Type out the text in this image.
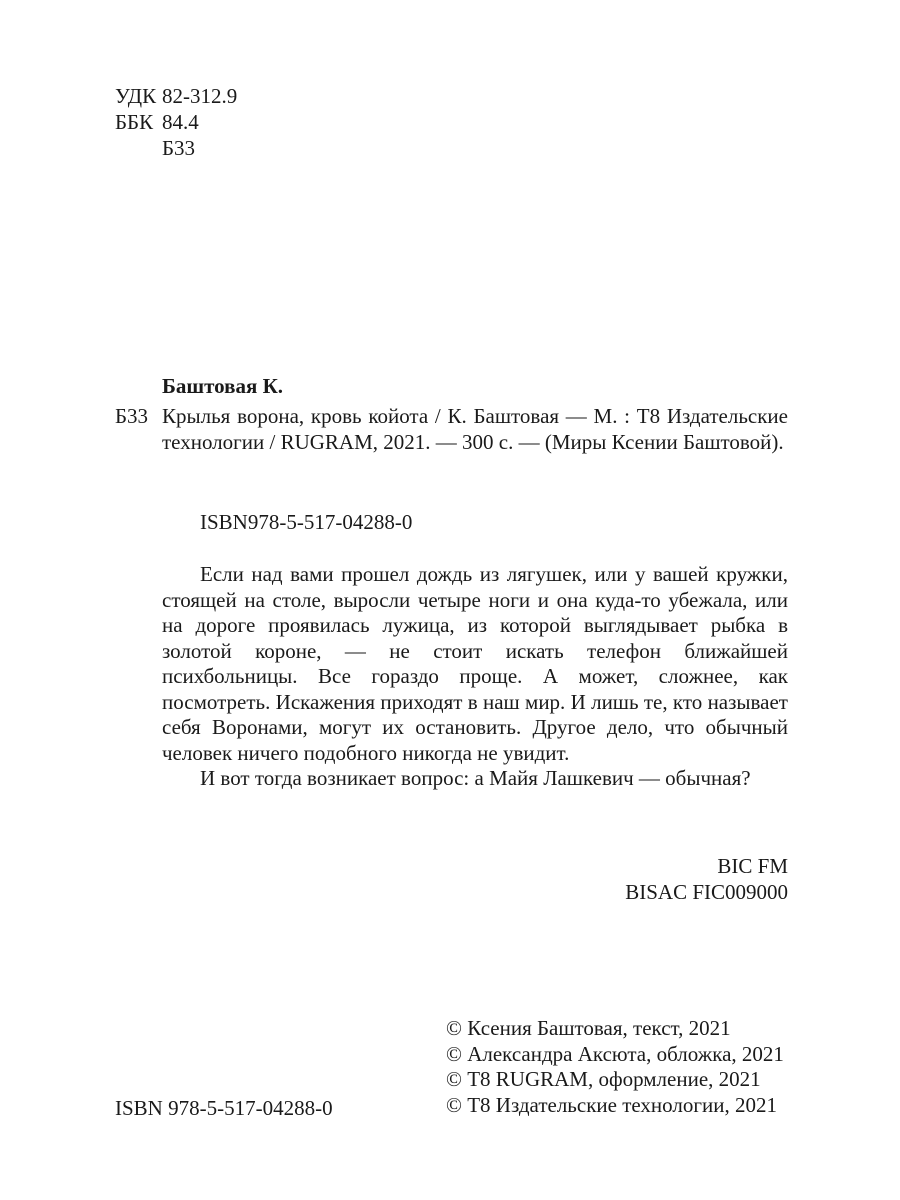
УДК 82-312.9
ББК 84.4
Б33
Баштовая К.
Б33 Крылья ворона, кровь койота / К. Баштовая — М. : Т8 Издательские технологии / RUGRAM, 2021. — 300 с. — (Миры Ксении Баштовой).
ISBN978-5-517-04288-0

Если над вами прошел дождь из лягушек, или у вашей кружки, стоящей на столе, выросли четыре ноги и она куда-то убежала, или на дороге проявилась лужица, из которой выглядывает рыбка в золотой короне, — не стоит искать телефон ближайшей психбольницы. Все гораздо проще. А может, сложнее, как посмотреть. Искажения приходят в наш мир. И лишь те, кто называет себя Воронами, могут их остановить. Другое дело, что обычный человек ничего подобного никогда не увидит.

И вот тогда возникает вопрос: а Майя Лашкевич — обычная?

BIC FM
BISAC FIC009000
ISBN 978-5-517-04288-0
© Ксения Баштовая, текст, 2021
© Александра Аксюта, обложка, 2021
© Т8 RUGRAM, оформление, 2021
© Т8 Издательские технологии, 2021
